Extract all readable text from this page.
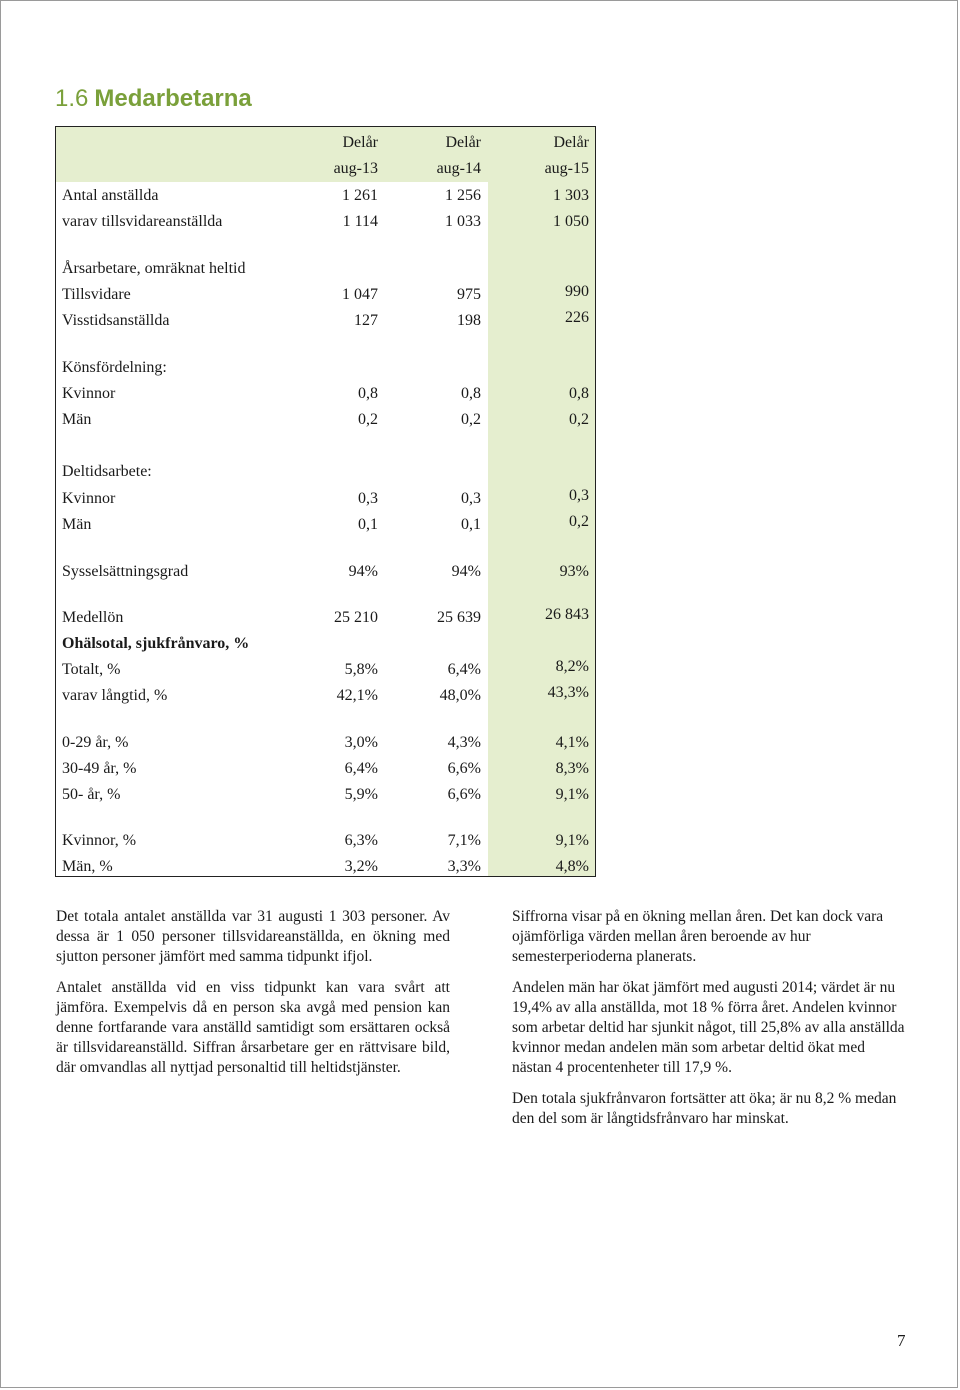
1.6 Medarbetarna
Delår	Delår	Delår
aug-13	aug-14	aug-15
Antal anställda	1 261	1 256	1 303
varav tillsvidareanställda	1 114	1 033	1 050
Årsarbetare, omräknat heltid
Tillsvidare	1 047	975	990
Visstidsanställda	127	198	226
Könsfördelning:
Kvinnor	0,8	0,8	0,8
Män	0,2	0,2	0,2
Deltidsarbete:
Kvinnor	0,3	0,3	0,3
Män	0,1	0,1	0,2
Sysselsättningsgrad	94%	94%	93%
Medellön	25 210	25 639	26 843
Ohälsotal, sjukfrånvaro, %
Totalt, %	5,8%	6,4%	8,2%
varav långtid, %	42,1%	48,0%	43,3%
0-29 år, %	3,0%	4,3%	4,1%
30-49 år, %	6,4%	6,6%	8,3%
50- år, %	5,9%	6,6%	9,1%
Kvinnor, %	6,3%	7,1%	9,1%
Män, %	3,2%	3,3%	4,8%

Det totala antalet anställda var 31 augusti 1 303 personer. Av dessa är 1 050 personer tillsvidareanställda, en ökning med sjutton personer jämfört med samma tidpunkt ifjol.

Antalet anställda vid en viss tidpunkt kan vara svårt att jämföra. Exempelvis då en person ska avgå med pension kan denne fortfarande vara anställd samtidigt som ersättaren också är tillsvidareanställd. Siffran årsarbetare ger en rättvisare bild, där omvandlas all nyttjad personaltid till heltidstjänster.

Siffrorna visar på en ökning mellan åren. Det kan dock vara ojämförliga värden mellan åren beroende av hur semesterperioderna planerats.

Andelen män har ökat jämfört med augusti 2014; värdet är nu 19,4% av alla anställda, mot 18 % förra året. Andelen kvinnor som arbetar deltid har sjunkit något, till 25,8% av alla anställda kvinnor medan andelen män som arbetar deltid ökat med nästan 4 procentenheter till 17,9 %.

Den totala sjukfrånvaron fortsätter att öka; är nu 8,2 % medan den del som är långtidsfrånvaro har minskat.

7
